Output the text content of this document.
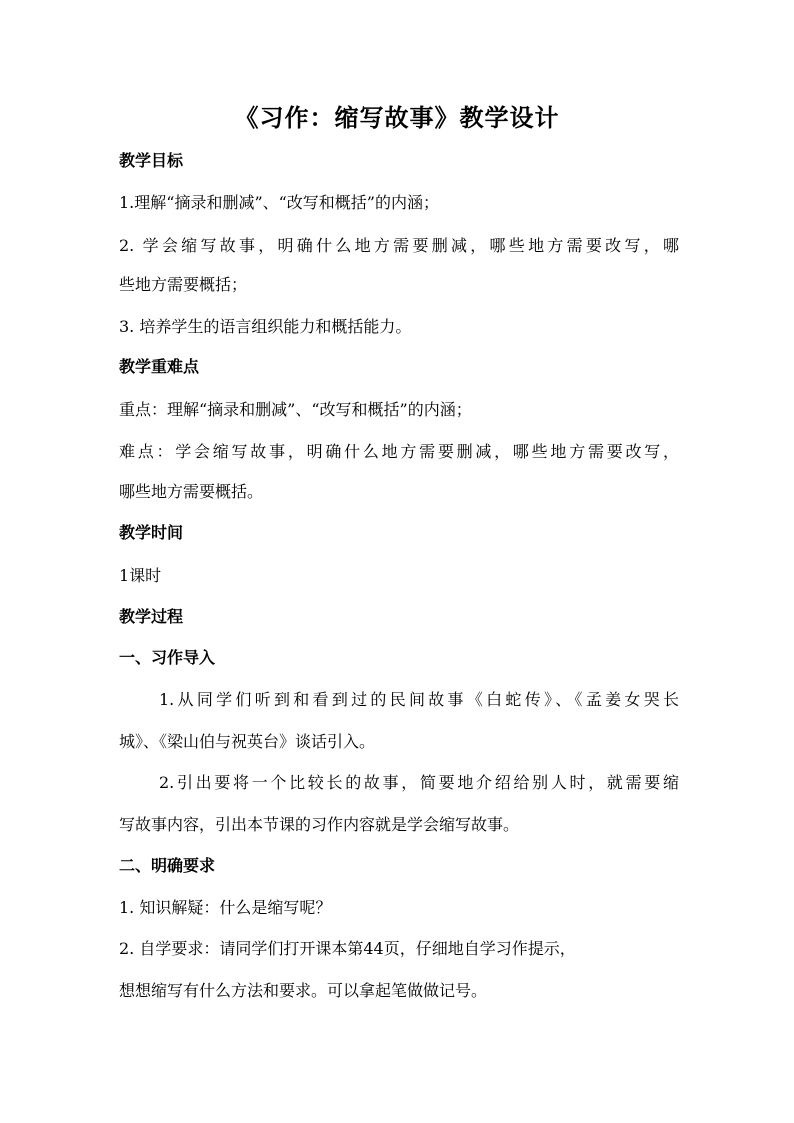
《习作：缩写故事》教学设计
教学目标
1.理解“摘录和删减”、“改写和概括”的内涵；
2. 学会缩写故事，明确什么地方需要删减，哪些地方需要改写，哪
些地方需要概括；
3. 培养学生的语言组织能力和概括能力。
教学重难点
重点：理解“摘录和删减”、“改写和概括”的内涵；
难点：学会缩写故事，明确什么地方需要删减，哪些地方需要改写，
哪些地方需要概括。
教学时间
1课时
教学过程
一、习作导入
1.从同学们听到和看到过的民间故事《白蛇传》、《孟姜女哭长
城》、《梁山伯与祝英台》谈话引入。
2.引出要将一个比较长的故事，简要地介绍给别人时，就需要缩
写故事内容，引出本节课的习作内容就是学会缩写故事。
二、明确要求
1. 知识解疑：什么是缩写呢？
2. 自学要求：请同学们打开课本第44页，仔细地自学习作提示，
想想缩写有什么方法和要求。可以拿起笔做做记号。
